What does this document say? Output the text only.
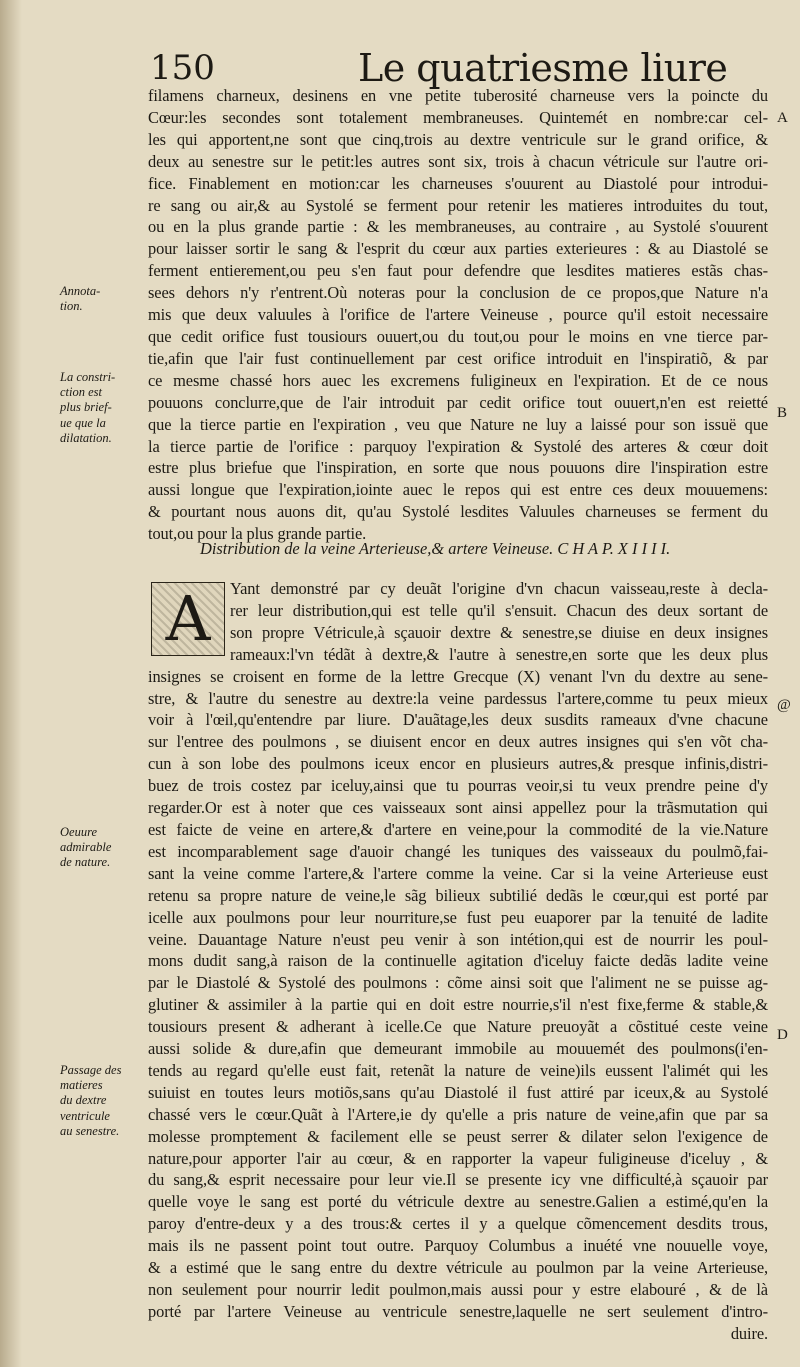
150	Le quatriesme liure

filamens charneux, desinens en vne petite tuberosité charneuse vers la poincte du

Cœur:les secondes sont totalement membraneuses. Quintemét en nombre:car cel-

les qui apportent,ne sont que cinq,trois au dextre ventricule sur le grand orifice, &

deux au senestre sur le petit:les autres sont six, trois à chacun vétricule sur l'autre ori-

fice. Finablement en motion:car les charneuses s'ouurent au Diastolé pour introdui-

re sang ou air,& au Systolé se ferment pour retenir les matieres introduites du tout,

ou en la plus grande partie : & les membraneuses, au contraire , au Systolé s'ouurent

pour laisser sortir le sang & l'esprit du cœur aux parties exterieures : & au Diastolé se

ferment entierement,ou peu s'en faut pour defendre que lesdites matieres estãs chas-

sees dehors n'y r'entrent.Où noteras pour la conclusion de ce propos,que Nature n'a

mis que deux valuules à l'orifice de l'artere Veineuse , pource qu'il estoit necessaire

que cedit orifice fust tousiours ouuert,ou du tout,ou pour le moins en vne tierce par-

tie,afin que l'air fust continuellement par cest orifice introduit en l'inspiratiõ, & par

ce mesme chassé hors auec les excremens fuligineux en l'expiration. Et de ce nous

pouuons conclurre,que de l'air introduit par cedit orifice tout ouuert,n'en est reietté

que la tierce partie en l'expiration , veu que Nature ne luy a laissé pour son issuë que

la tierce partie de l'orifice : parquoy l'expiration & Systolé des arteres & cœur doit

estre plus briefue que l'inspiration, en sorte que nous pouuons dire l'inspiration estre

aussi longue que l'expiration,iointe auec le repos qui est entre ces deux mouuemens:

& pourtant nous auons dit, qu'au Systolé lesdites Valuules charneuses se ferment du

tout,ou pour la plus grande partie.

Distribution de la veine Arterieuse,& artere Veineuse. C H A P. X I I I I.
A	Yant demonstré par cy deuãt l'origine d'vn chacun vaisseau,reste à decla-

rer leur distribution,qui est telle qu'il s'ensuit. Chacun des deux sortant de

son propre Vétricule,à sçauoir dextre & senestre,se diuise en deux insignes

rameaux:l'vn tédãt à dextre,& l'autre à senestre,en sorte que les deux plus

insignes se croisent en forme de la lettre Grecque (X) venant l'vn du dextre au sene-

stre, & l'autre du senestre au dextre:la veine pardessus l'artere,comme tu peux mieux

voir à l'œil,qu'entendre par liure. D'auãtage,les deux susdits rameaux d'vne chacune

sur l'entree des poulmons , se diuisent encor en deux autres insignes qui s'en võt cha-

cun à son lobe des poulmons iceux encor en plusieurs autres,& presque infinis,distri-

buez de trois costez par iceluy,ainsi que tu pourras veoir,si tu veux prendre peine d'y

regarder.Or est à noter que ces vaisseaux sont ainsi appellez pour la trãsmutation qui

est faicte de veine en artere,& d'artere en veine,pour la commodité de la vie.Nature

est incomparablement sage d'auoir changé les tuniques des vaisseaux du poulmõ,fai-

sant la veine comme l'artere,& l'artere comme la veine. Car si la veine Arterieuse eust

retenu sa propre nature de veine,le sãg bilieux subtilié dedãs le cœur,qui est porté par

icelle aux poulmons pour leur nourriture,se fust peu euaporer par la tenuité de ladite

veine. Dauantage Nature n'eust peu venir à son intétion,qui est de nourrir les poul-

mons dudit sang,à raison de la continuelle agitation d'iceluy faicte dedãs ladite veine

par le Diastolé & Systolé des poulmons : cõme ainsi soit que l'aliment ne se puisse ag-

glutiner & assimiler à la partie qui en doit estre nourrie,s'il n'est fixe,ferme & stable,&

tousiours present & adherant à icelle.Ce que Nature preuoyãt a cõstitué ceste veine

aussi solide & dure,afin que demeurant immobile au mouuemét des poulmons(i'en-

tends au regard qu'elle eust fait, retenãt la nature de veine)ils eussent l'alimét qui les

suiuist en toutes leurs motiõs,sans qu'au Diastolé il fust attiré par iceux,& au Systolé

chassé vers le cœur.Quãt à l'Artere,ie dy qu'elle a pris nature de veine,afin que par sa

molesse promptement & facilement elle se peust serrer & dilater selon l'exigence de

nature,pour apporter l'air au cœur, & en rapporter la vapeur fuligineuse d'iceluy , &

du sang,& esprit necessaire pour leur vie.Il se presente icy vne difficulté,à sçauoir par

quelle voye le sang est porté du vétricule dextre au senestre.Galien a estimé,qu'en la

paroy d'entre-deux y a des trous:& certes il y a quelque cõmencement desdits trous,

mais ils ne passent point tout outre. Parquoy Columbus a inuété vne nouuelle voye,

& a estimé que le sang entre du dextre vétricule au poulmon par la veine Arterieuse,

non seulement pour nourrir ledit poulmon,mais aussi pour y estre elabouré , & de là

porté par l'artere Veineuse au ventricule senestre,laquelle ne sert seulement d'intro-

duire.

Annota-
tion.
La constri-
ction est
plus brief-
ue que la
dilatation.
Oeuure
admirable
de nature.
Passage des
matieres
du dextre
ventricule
au senestre.
A
B
@
D
